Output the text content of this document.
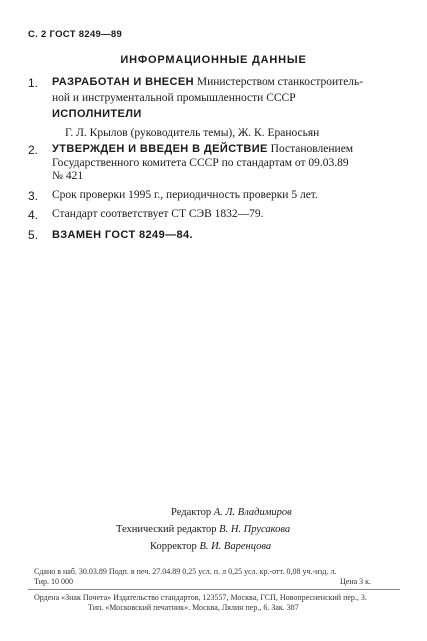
С. 2 ГОСТ 8249—89
ИНФОРМАЦИОННЫЕ ДАННЫЕ
1. РАЗРАБОТАН И ВНЕСЕН Министерством станкостроитель-
ной и инструментальной промышленности СССР
ИСПОЛНИТЕЛИ
Г. Л. Крылов (руководитель темы), Ж. К. Ераносьян
2. УТВЕРЖДЕН И ВВЕДЕН В ДЕЙСТВИЕ Постановлением
Государственного комитета СССР по стандартам от 09.03.89
№ 421
3. Срок проверки 1995 г., периодичность проверки 5 лет.
4. Стандарт соответствует СТ СЭВ 1832—79.
5. ВЗАМЕН ГОСТ 8249—84.
Редактор А. Л. Владимиров
Технический редактор В. Н. Прусакова
Корректор В. И. Варенцова
Сдано в наб. 30.03.89 Подп. в печ. 27.04.89 0,25 усл. п. л 0,25 усл. кр.-отт. 0,08 уч.-изд. л.
Тир. 10 000	Цена 3 к.
Ордена «Знак Почета» Издательство стандартов, 123557, Москва, ГСП, Новопресненский пер., 3.
Тип. «Московский печатник». Москва, Лялин пер., 6. Зак. 387
